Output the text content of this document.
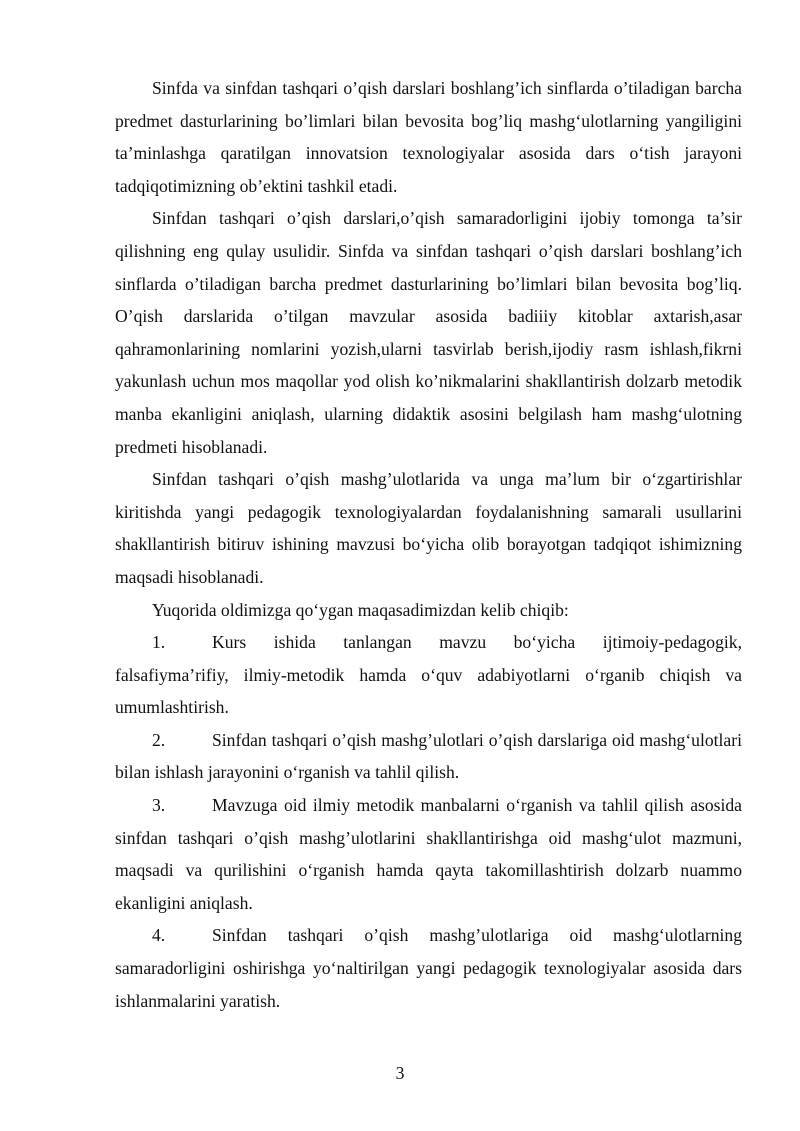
Sinfda va sinfdan tashqari o’qish darslari boshlang’ich sinflarda o’tiladigan barcha predmet dasturlarining bo’limlari bilan bevosita bog’liq mashg‘ulotlarning yangiligini ta’minlashga qaratilgan innovatsion texnologiyalar asosida dars o‘tish jarayoni tadqiqotimizning ob’ektini tashkil etadi.

Sinfdan tashqari o’qish darslari,o’qish samaradorligini ijobiy tomonga ta’sir qilishning eng qulay usulidir. Sinfda va sinfdan tashqari o’qish darslari boshlang’ich sinflarda o’tiladigan barcha predmet dasturlarining bo’limlari bilan bevosita bog’liq. O’qish darslarida o’tilgan mavzular asosida badiiiy kitoblar axtarish,asar qahramonlarining nomlarini yozish,ularni tasvirlab berish,ijodiy rasm ishlash,fikrni yakunlash uchun mos maqollar yod olish ko’nikmalarini shakllantirish dolzarb metodik manba ekanligini aniqlash, ularning didaktik asosini belgilash ham mashg‘ulotning predmeti hisoblanadi.

Sinfdan tashqari o’qish mashg’ulotlarida va unga ma’lum bir o‘zgartirishlar kiritishda yangi pedagogik texnologiyalardan foydalanishning samarali usullarini shakllantirish bitiruv ishining mavzusi bo‘yicha olib borayotgan tadqiqot ishimizning maqsadi hisoblanadi.

Yuqorida oldimizga qo‘ygan maqasadimizdan kelib chiqib:

1.	Kurs ishida tanlangan mavzu bo‘yicha ijtimoiy-pedagogik, falsafiyma’rifiy, ilmiy-metodik hamda o‘quv adabiyotlarni o‘rganib chiqish va umumlashtirish.

2.	Sinfdan tashqari o’qish mashg’ulotlari o’qish darslariga oid mashg‘ulotlari bilan ishlash jarayonini o‘rganish va tahlil qilish.

3.	Mavzuga oid ilmiy metodik manbalarni o‘rganish va tahlil qilish asosida sinfdan tashqari o’qish mashg’ulotlarini shakllantirishga oid mashg‘ulot mazmuni, maqsadi va qurilishini o‘rganish hamda qayta takomillashtirish dolzarb nuammo ekanligini aniqlash.

4.	Sinfdan tashqari o’qish mashg’ulotlariga oid mashg‘ulotlarning samaradorligini oshirishga yo‘naltirilgan yangi pedagogik texnologiyalar asosida dars ishlanmalarini yaratish.

3
